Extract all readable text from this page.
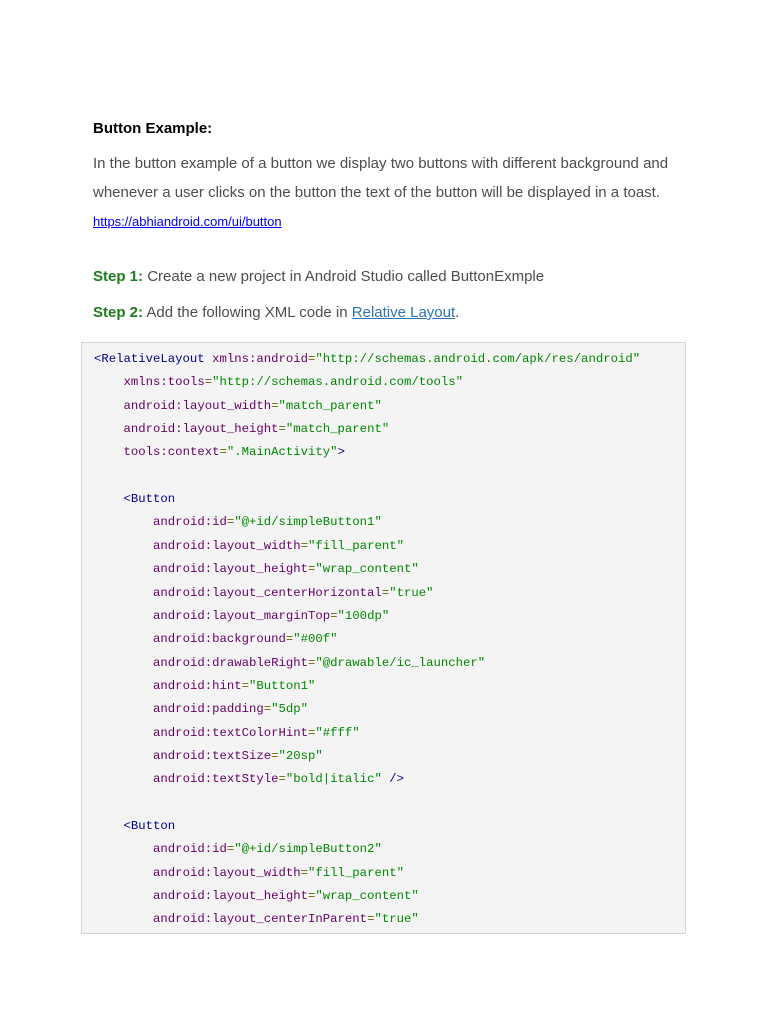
Button Example:
In the button example of a button we display two buttons with different background and whenever a user clicks on the button the text of the button will be displayed in a toast. https://abhiandroid.com/ui/button
Step 1: Create a new project in Android Studio called ButtonExmple
Step 2: Add the following XML code in Relative Layout.
<RelativeLayout xmlns:android="http://schemas.android.com/apk/res/android"
xmlns:tools="http://schemas.android.com/tools"
android:layout_width="match_parent"
android:layout_height="match_parent"
tools:context=".MainActivity">
<Button
android:id="@+id/simpleButton1"
android:layout_width="fill_parent"
android:layout_height="wrap_content"
android:layout_centerHorizontal="true"
android:layout_marginTop="100dp"
android:background="#00f"
android:drawableRight="@drawable/ic_launcher"
android:hint="Button1"
android:padding="5dp"
android:textColorHint="#fff"
android:textSize="20sp"
android:textStyle="bold|italic" />
<Button
android:id="@+id/simpleButton2"
android:layout_width="fill_parent"
android:layout_height="wrap_content"
android:layout_centerInParent="true"
